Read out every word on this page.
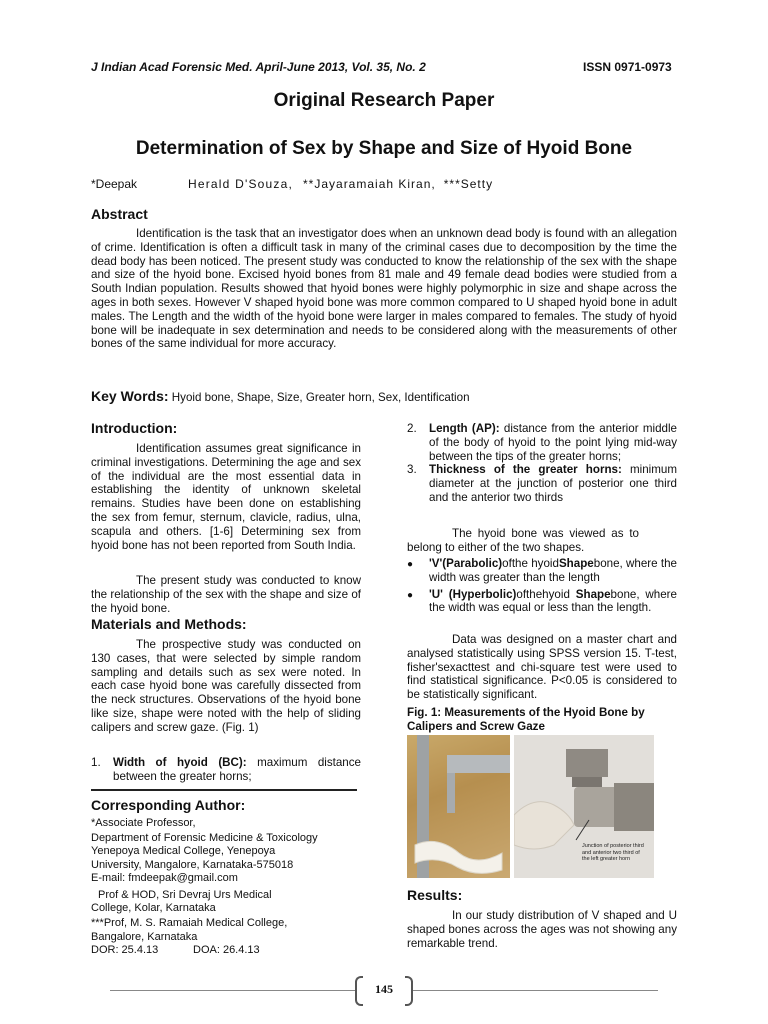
J Indian Acad Forensic Med. April-June 2013, Vol. 35, No. 2	ISSN 0971-0973
Original Research Paper
Determination of Sex by Shape and Size of Hyoid Bone
*Deepak	Herald D'Souza, **Jayaramaiah Kiran, ***Setty
Abstract
Identification is the task that an investigator does when an unknown dead body is found with an allegation of crime. Identification is often a difficult task in many of the criminal cases due to decomposition by the time the dead body has been noticed. The present study was conducted to know the relationship of the sex with the shape and size of the hyoid bone. Excised hyoid bones from 81 male and 49 female dead bodies were studied from a South Indian population. Results showed that hyoid bones were highly polymorphic in size and shape across the ages in both sexes. However V shaped hyoid bone was more common compared to U shaped hyoid bone in adult males. The Length and the width of the hyoid bone were larger in males compared to females. The study of hyoid bone will be inadequate in sex determination and needs to be considered along with the measurements of other bones of the same individual for more accuracy.
Key Words: Hyoid bone, Shape, Size, Greater horn, Sex, Identification
Introduction:
Identification assumes great significance in criminal investigations. Determining the age and sex of the individual are the most essential data in establishing the identity of unknown skeletal remains. Studies have been done on establishing the sex from femur, sternum, clavicle, radius, ulna, scapula and others. [1-6] Determining sex from hyoid bone has not been reported from South India.
The present study was conducted to know the relationship of the sex with the shape and size of the hyoid bone.
Materials and Methods:
The prospective study was conducted on 130 cases, that were selected by simple random sampling and details such as sex were noted. In each case hyoid bone was carefully dissected from the neck structures. Observations of the hyoid bone like size, shape were noted with the help of sliding calipers and screw gaze. (Fig. 1)
1.	Width of hyoid (BC): maximum distance between the greater horns;
Corresponding Author:
*Associate Professor,
Department of Forensic Medicine & Toxicology
Yenepoya Medical College, Yenepoya
University, Mangalore, Karnataka-575018
E-mail: fmdeepak@gmail.com
Prof & HOD, Sri Devraj Urs Medical
College, Kolar, Karnataka
***Prof, M. S. Ramaiah Medical College,
Bangalore, Karnataka
DOR: 25.4.13	DOA: 26.4.13
2.	Length (AP): distance from the anterior middle of the body of hyoid to the point lying mid-way between the tips of the greater horns;
3.	Thickness of the greater horns: minimum diameter at the junction of posterior one third and the anterior two thirds
The hyoid bone was viewed as to belong to either of the two shapes.
●	'V'(Parabolic)ofthe hyoidShapebone, where the width was greater than the length
●	'U' (Hyperbolic)ofthehyoid Shapebone, where the width was equal or less than the length.
Data was designed on a master chart and analysed statistically using SPSS version 15. T-test, fisher'sexacttest and chi-square test were used to find statistical significance. P<0.05 is considered to be statistically significant.
Fig. 1: Measurements of the Hyoid Bone by Calipers and Screw Gaze
Junction of posterior third and anterior two third of the left greater horn
Results:
In our study distribution of V shaped and U shaped bones across the ages was not showing any remarkable trend.
145
